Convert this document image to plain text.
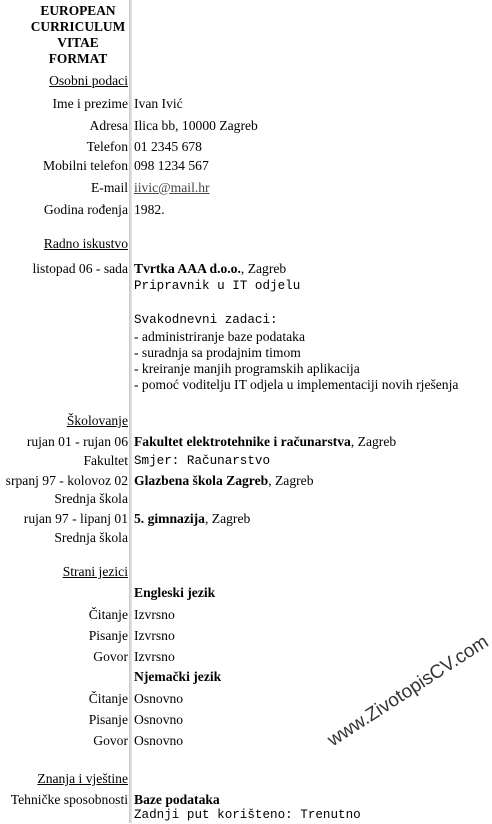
EUROPEAN
CURRICULUM
VITAE
FORMAT
Osobni podaci
Ime i prezime Ivan Ivić
Adresa Ilica bb, 10000 Zagreb
Telefon 01 2345 678
Mobilni telefon 098 1234 567
E-mail iivic@mail.hr
Godina rođenja 1982.
Radno iskustvo
listopad 06 - sada Tvrtka AAA d.o.o., Zagreb
Pripravnik u IT odjelu
Svakodnevni zadaci:
- administriranje baze podataka
- suradnja sa prodajnim timom
- kreiranje manjih programskih aplikacija
- pomoć voditelju IT odjela u implementaciji novih rješenja
Školovanje
rujan 01 - rujan 06 Fakultet elektrotehnike i računarstva, Zagreb
Fakultet Smjer: Računarstvo
srpanj 97 - kolovoz 02 Glazbena škola Zagreb, Zagreb
Srednja škola
rujan 97 - lipanj 01 5. gimnazija, Zagreb
Srednja škola
Strani jezici
Engleski jezik
Čitanje Izvrsno
Pisanje Izvrsno
Govor Izvrsno
Njemački jezik
Čitanje Osnovno
Pisanje Osnovno
Govor Osnovno
Znanja i vještine
Tehničke sposobnosti Baze podataka
Zadnji put korišteno: Trenutno
www.ZivotopisCV.com
